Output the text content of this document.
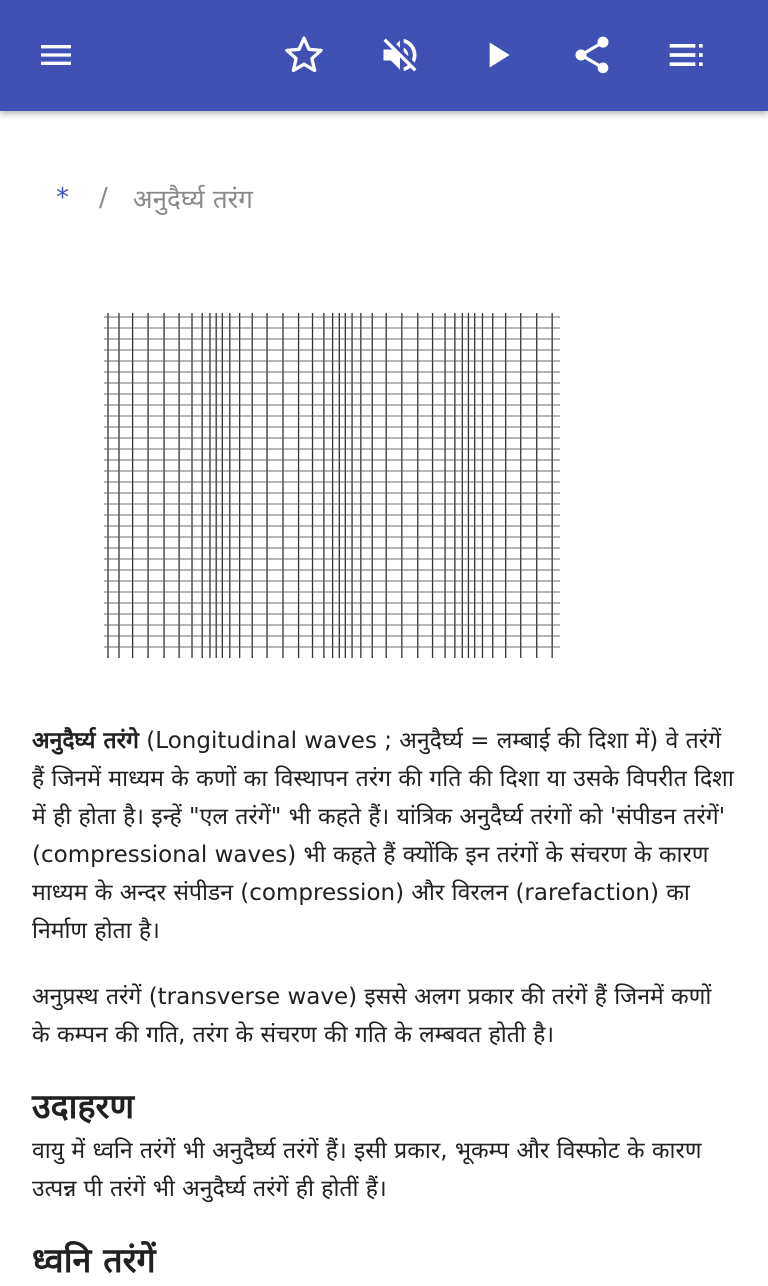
* / अनुदैर्घ्य तरंग

अनुदैर्घ्य तरंगे (Longitudinal waves ; अनुदैर्घ्य = लम्बाई की दिशा में) वे तरंगें हैं जिनमें माध्यम के कणों का विस्थापन तरंग की गति की दिशा या उसके विपरीत दिशा में ही होता है। इन्हें "एल तरंगें" भी कहते हैं। यांत्रिक अनुदैर्घ्य तरंगों को 'संपीडन तरंगें' (compressional waves) भी कहते हैं क्योंकि इन तरंगों के संचरण के कारण माध्यम के अन्दर संपीडन (compression) और विरलन (rarefaction) का निर्माण होता है।

अनुप्रस्थ तरंगें (transverse wave) इससे अलग प्रकार की तरंगें हैं जिनमें कणों के कम्पन की गति, तरंग के संचरण की गति के लम्बवत होती है।

उदाहरण

वायु में ध्वनि तरंगें भी अनुदैर्घ्य तरंगें हैं। इसी प्रकार, भूकम्प और विस्फोट के कारण उत्पन्न पी तरंगें भी अनुदैर्घ्य तरंगें ही होतीं हैं।

ध्वनि तरंगें
